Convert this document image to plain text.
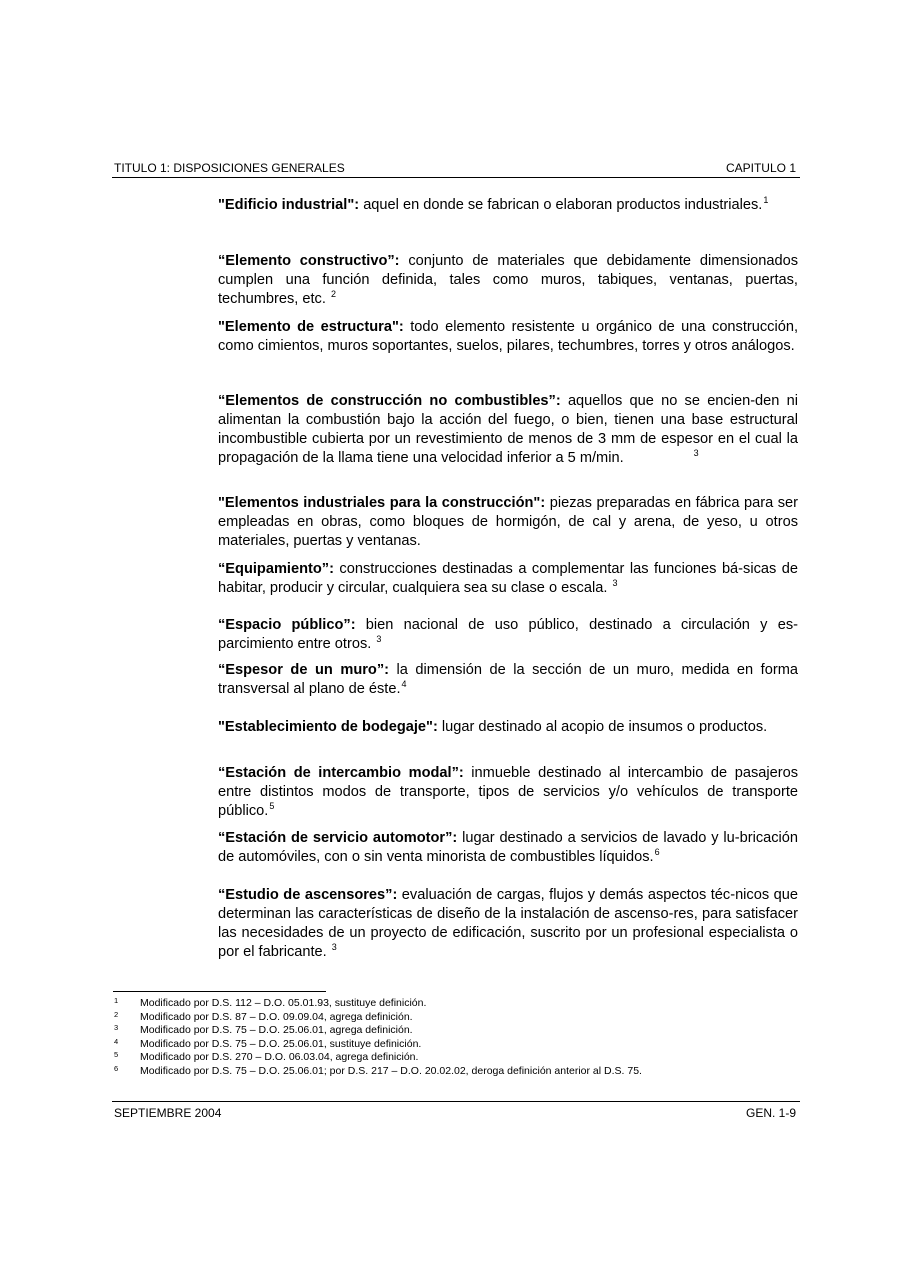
TITULO 1: DISPOSICIONES GENERALES	CAPITULO 1

"Edificio industrial": aquel en donde se fabrican o elaboran productos industriales.$^1$

“Elemento constructivo”: conjunto de materiales que debidamente dimensionados cumplen una función definida, tales como muros, tabiques, ventanas, puertas, techumbres, etc. $^2$

"Elemento de estructura": todo elemento resistente u orgánico de una construcción, como cimientos, muros soportantes, suelos, pilares, techumbres, torres y otros análogos.

“Elementos de construcción no combustibles”: aquellos que no se encien-den ni alimentan la combustión bajo la acción del fuego, o bien, tienen una base estructural incombustible cubierta por un revestimiento de menos de 3 mm de espesor en el cual la propagación de la llama tiene una velocidad inferior a 5 m/min.	$^3$

"Elementos industriales para la construcción": piezas preparadas en fábrica para ser empleadas en obras, como bloques de hormigón, de cal y arena, de yeso, u otros materiales, puertas y ventanas.

“Equipamiento”: construcciones destinadas a complementar las funciones bá-sicas de habitar, producir y circular, cualquiera sea su clase o escala. $^3$

“Espacio público”: bien nacional de uso público, destinado a circulación y es-parcimiento entre otros. $^3$

“Espesor de un muro”: la dimensión de la sección de un muro, medida en forma transversal al plano de éste.$^4$

"Establecimiento de bodegaje": lugar destinado al acopio de insumos o productos.

“Estación de intercambio modal”: inmueble destinado al intercambio de pasajeros entre distintos modos de transporte, tipos de servicios y/o vehículos de transporte público.$^5$

“Estación de servicio automotor”: lugar destinado a servicios de lavado y lu-bricación de automóviles, con o sin venta minorista de combustibles líquidos.$^6$

“Estudio de ascensores”: evaluación de cargas, flujos y demás aspectos téc-nicos que determinan las características de diseño de la instalación de ascenso-res, para satisfacer las necesidades de un proyecto de edificación, suscrito por un profesional especialista o por el fabricante. $^3$

1 Modificado por D.S. 112 – D.O. 05.01.93, sustituye definición.
2 Modificado por D.S. 87 – D.O. 09.09.04, agrega definición.
3 Modificado por D.S. 75 – D.O. 25.06.01, agrega definición.
4 Modificado por D.S. 75 – D.O. 25.06.01, sustituye definición.
5 Modificado por D.S. 270 – D.O. 06.03.04, agrega definición.
6 Modificado por D.S. 75 – D.O. 25.06.01; por D.S. 217 – D.O. 20.02.02, deroga definición anterior al D.S. 75.
SEPTIEMBRE 2004	GEN. 1-9
